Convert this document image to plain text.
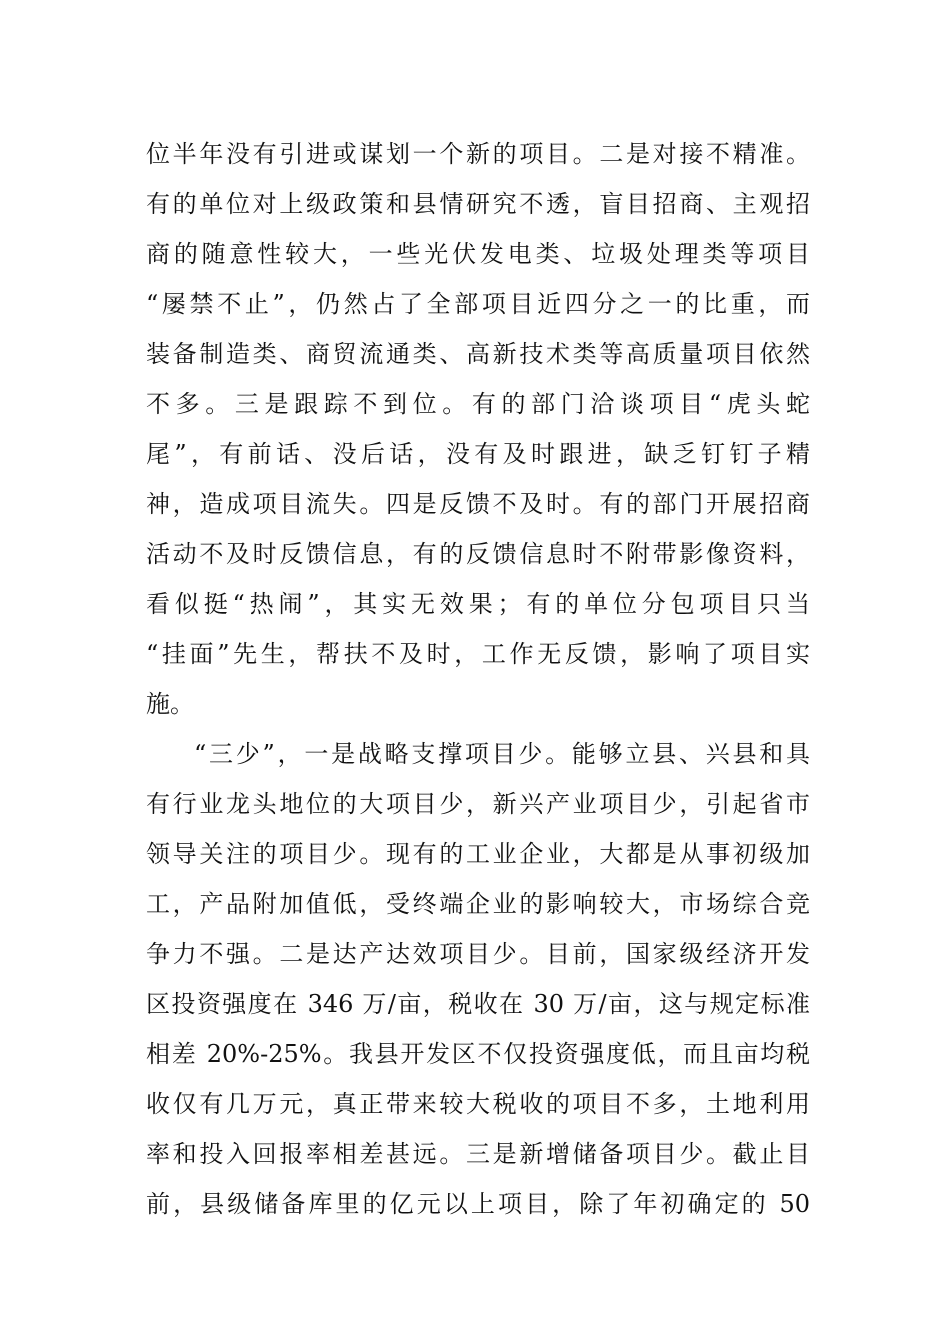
位半年没有引进或谋划一个新的项目。二是对接不精准。
有的单位对上级政策和县情研究不透，盲目招商、主观招
商的随意性较大，一些光伏发电类、垃圾处理类等项目
“屡禁不止”，仍然占了全部项目近四分之一的比重，而
装备制造类、商贸流通类、高新技术类等高质量项目依然
不多。三是跟踪不到位。有的部门洽谈项目“虎头蛇
尾”，有前话、没后话，没有及时跟进，缺乏钉钉子精
神，造成项目流失。四是反馈不及时。有的部门开展招商
活动不及时反馈信息，有的反馈信息时不附带影像资料，
看似挺“热闹”，其实无效果；有的单位分包项目只当
“挂面”先生，帮扶不及时，工作无反馈，影响了项目实
施。
“三少”，一是战略支撑项目少。能够立县、兴县和具
有行业龙头地位的大项目少，新兴产业项目少，引起省市
领导关注的项目少。现有的工业企业，大都是从事初级加
工，产品附加值低，受终端企业的影响较大，市场综合竞
争力不强。二是达产达效项目少。目前，国家级经济开发
区投资强度在 346 万/亩，税收在 30 万/亩，这与规定标准
相差 20%-25%。我县开发区不仅投资强度低，而且亩均税
收仅有几万元，真正带来较大税收的项目不多，土地利用
率和投入回报率相差甚远。三是新增储备项目少。截止目
前，县级储备库里的亿元以上项目，除了年初确定的 50
